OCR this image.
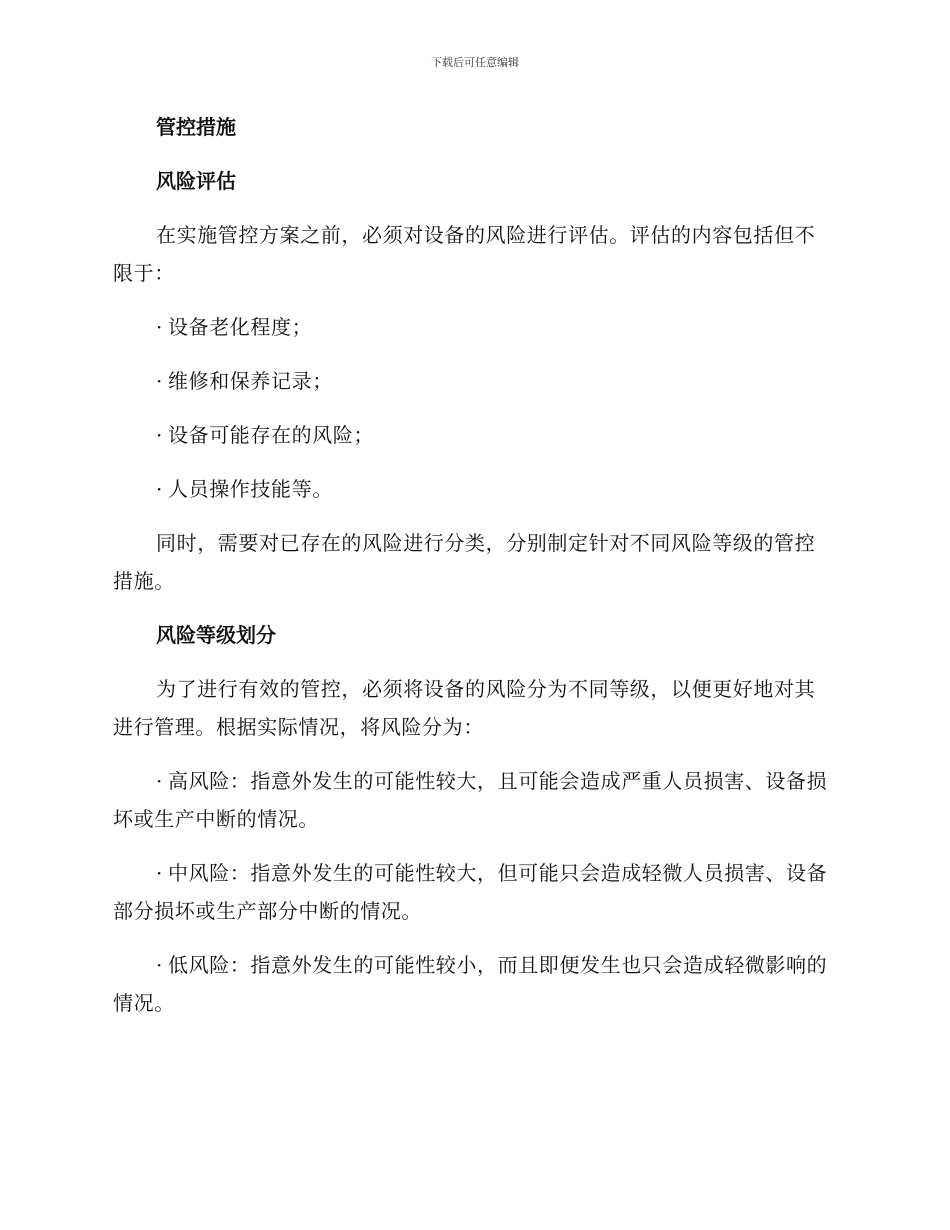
下载后可任意编辑

管控措施

风险评估

在实施管控方案之前，必须对设备的风险进行评估。评估的内容包括但不限于：

· 设备老化程度；

· 维修和保养记录；

· 设备可能存在的风险；

· 人员操作技能等。

同时，需要对已存在的风险进行分类，分别制定针对不同风险等级的管控措施。

风险等级划分

为了进行有效的管控，必须将设备的风险分为不同等级，以便更好地对其进行管理。根据实际情况，将风险分为：

· 高风险：指意外发生的可能性较大，且可能会造成严重人员损害、设备损坏或生产中断的情况。

· 中风险：指意外发生的可能性较大，但可能只会造成轻微人员损害、设备部分损坏或生产部分中断的情况。

· 低风险：指意外发生的可能性较小，而且即便发生也只会造成轻微影响的情况。
